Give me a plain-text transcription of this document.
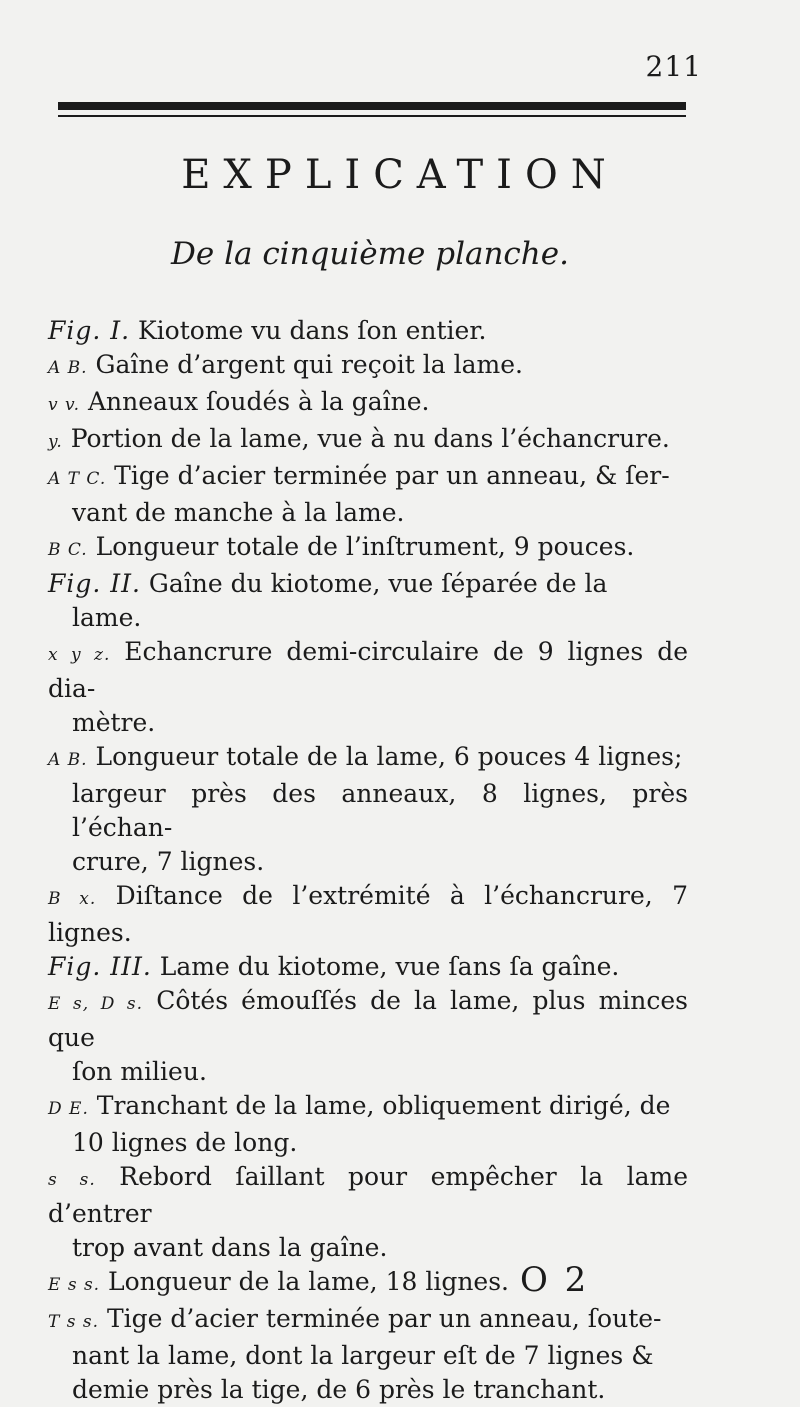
211
EXPLICATION
De la cinquième planche.
Fig. I. Kiotome vu dans ſon entier.
A B. Gaîne d’argent qui reçoit la lame.
v v. Anneaux ſoudés à la gaîne.
y. Portion de la lame, vue à nu dans l’échancrure.
A T C. Tige d’acier terminée par un anneau, & ſer-
vant de manche à la lame.
B C. Longueur totale de l’inſtrument, 9 pouces.
Fig. II. Gaîne du kiotome, vue ſéparée de la
lame.
x y z. Echancrure demi-circulaire de 9 lignes de dia-
mètre.
A B. Longueur totale de la lame, 6 pouces 4 lignes;
largeur près des anneaux, 8 lignes, près l’échan-
crure, 7 lignes.
B x. Diſtance de l’extrémité à l’échancrure, 7 lignes.
Fig. III. Lame du kiotome, vue ſans ſa gaîne.
E s, D s. Côtés émouſſés de la lame, plus minces que
ſon milieu.
D E. Tranchant de la lame, obliquement dirigé, de
10 lignes de long.
s s. Rebord ſaillant pour empêcher la lame d’entrer
trop avant dans la gaîne.
E s s. Longueur de la lame, 18 lignes.
T s s. Tige d’acier terminée par un anneau, ſoute-
nant la lame, dont la largeur eſt de 7 lignes &
demie près la tige, de 6 près le tranchant.
O 2
